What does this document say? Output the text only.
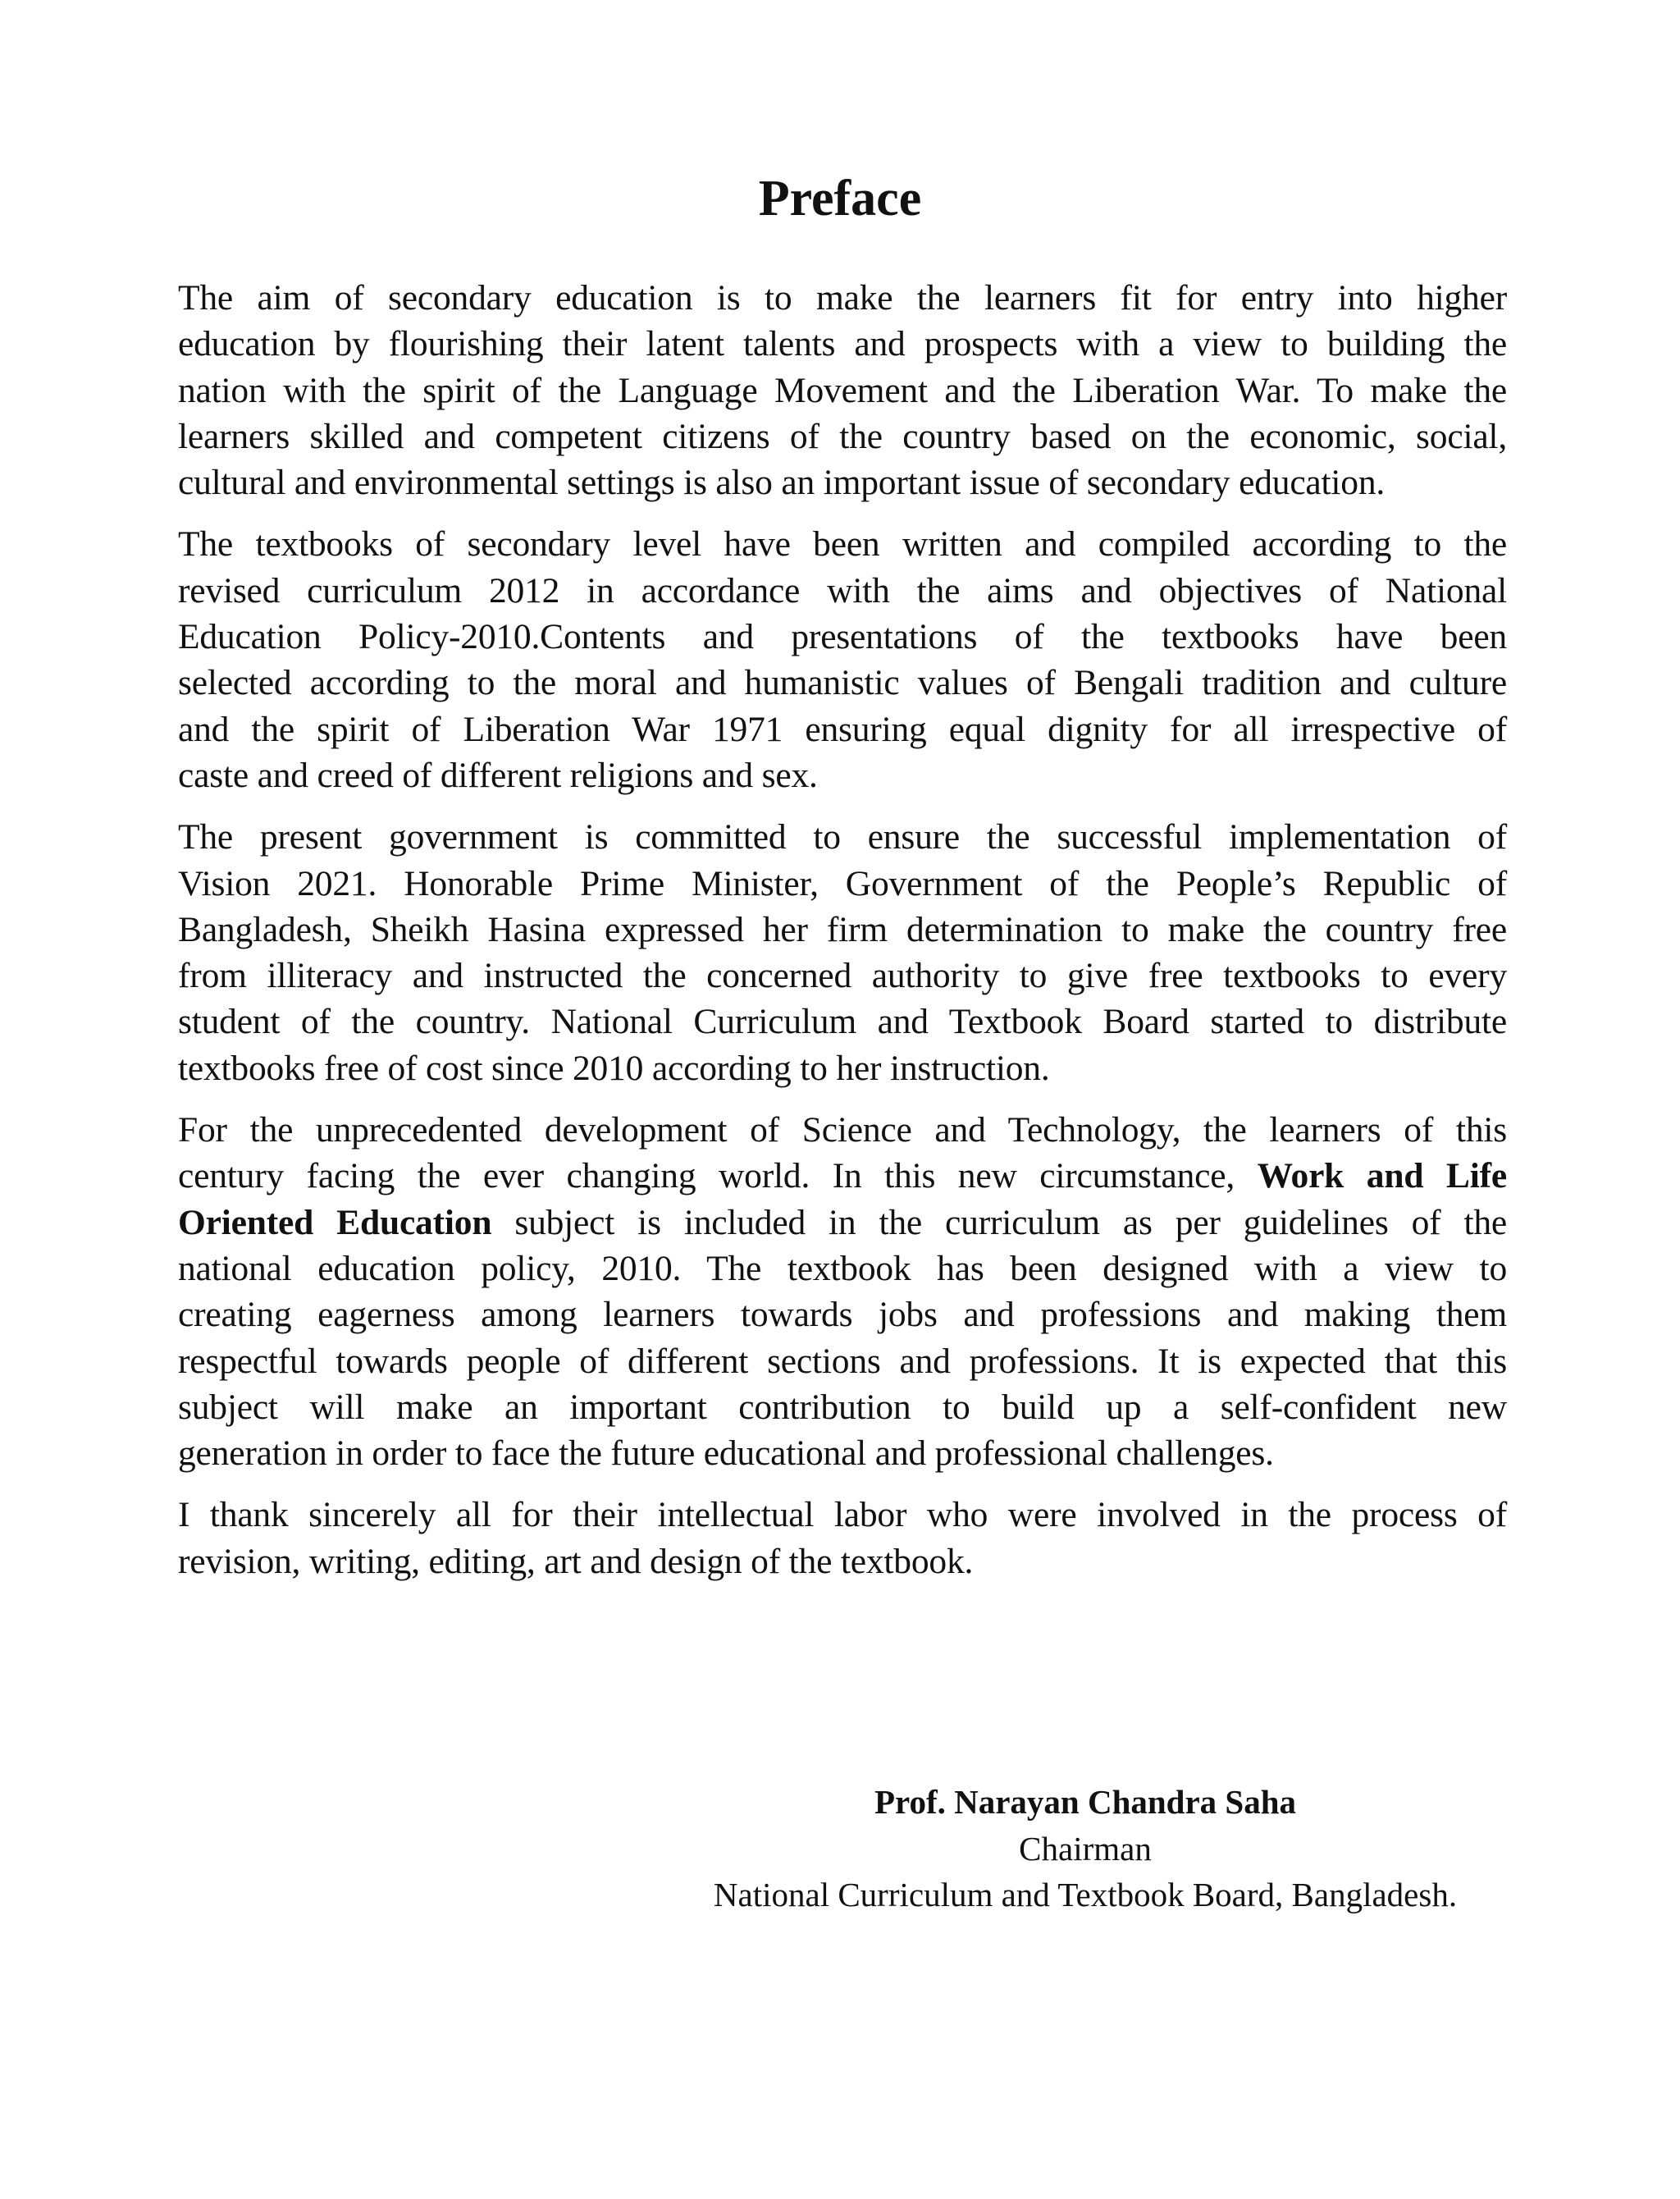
Preface
The aim of secondary education is to make the learners fit for entry into higher
education by flourishing their latent talents and prospects with a view to building the
nation with the spirit of the Language Movement and the Liberation War. To make the
learners skilled and competent citizens of the country based on the economic, social,
cultural and environmental settings is also an important issue of secondary education.
The textbooks of secondary level have been written and compiled according to the
revised curriculum 2012 in accordance with the aims and objectives of National
Education Policy-2010.Contents and presentations of the textbooks have been
selected according to the moral and humanistic values of Bengali tradition and culture
and the spirit of Liberation War 1971 ensuring equal dignity for all irrespective of
caste and creed of different religions and sex.
The present government is committed to ensure the successful implementation of
Vision 2021. Honorable Prime Minister, Government of the People’s Republic of
Bangladesh, Sheikh Hasina expressed her firm determination to make the country free
from illiteracy and instructed the concerned authority to give free textbooks to every
student of the country. National Curriculum and Textbook Board started to distribute
textbooks free of cost since 2010 according to her instruction.
For the unprecedented development of Science and Technology, the learners of this
century facing the ever changing world. In this new circumstance, Work and Life
Oriented Education subject is included in the curriculum as per guidelines of the
national education policy, 2010. The textbook has been designed with a view to
creating eagerness among learners towards jobs and professions and making them
respectful towards people of different sections and professions. It is expected that this
subject will make an important contribution to build up a self-confident new
generation in order to face the future educational and professional challenges.
I thank sincerely all for their intellectual labor who were involved in the process of
revision, writing, editing, art and design of the textbook.
Prof. Narayan Chandra Saha
Chairman
National Curriculum and Textbook Board, Bangladesh.
